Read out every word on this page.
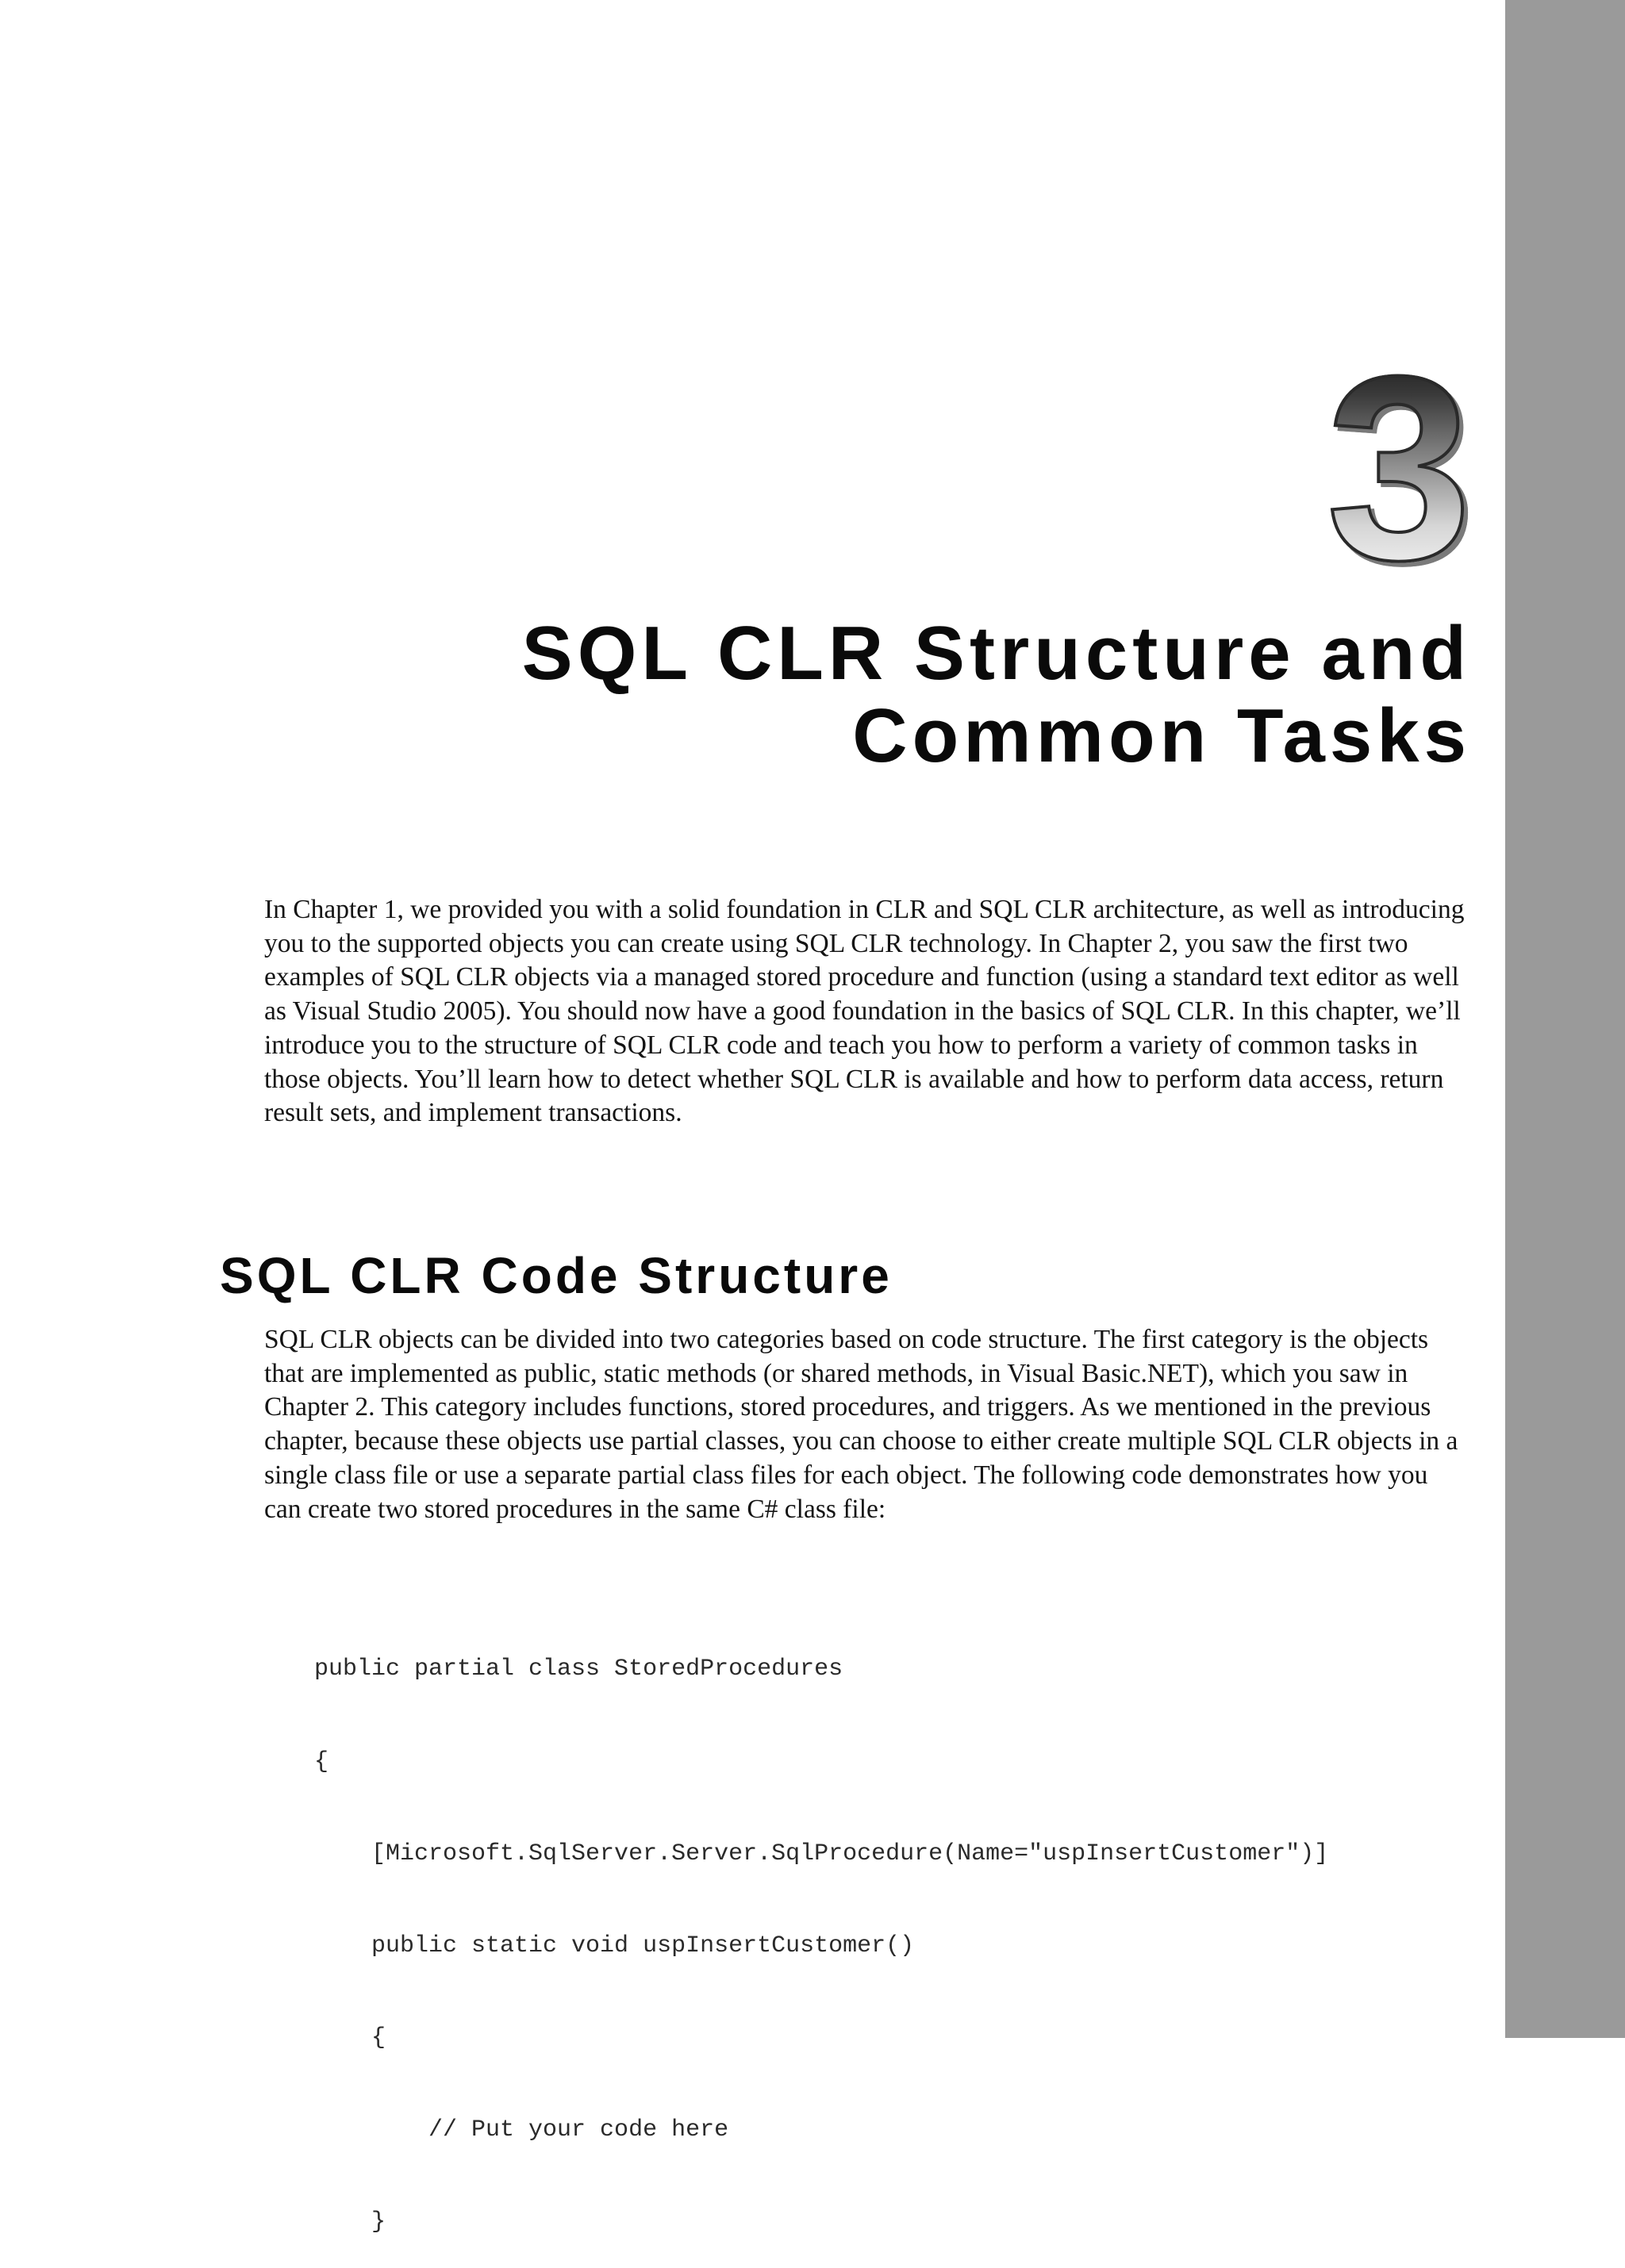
3
SQL CLR Structure and
Common Tasks

In Chapter 1, we provided you with a solid foundation in CLR and SQL CLR architecture, as well as introducing you to the supported objects you can create using SQL CLR technology. In Chapter 2, you saw the first two examples of SQL CLR objects via a managed stored procedure and function (using a standard text editor as well as Visual Studio 2005). You should now have a good foundation in the basics of SQL CLR. In this chapter, we’ll introduce you to the structure of SQL CLR code and teach you how to perform a variety of common tasks in those objects. You’ll learn how to detect whether SQL CLR is available and how to perform data access, return result sets, and implement transactions.

SQL CLR Code Structure

SQL CLR objects can be divided into two categories based on code structure. The first category is the objects that are implemented as public, static methods (or shared methods, in Visual Basic.NET), which you saw in Chapter 2. This category includes functions, stored procedures, and triggers. As we mentioned in the previous chapter, because these objects use partial classes, you can choose to either create multiple SQL CLR objects in a single class file or use a separate partial class files for each object. The following code demonstrates how you can create two stored procedures in the same C# class file:

public partial class StoredProcedures

{

[Microsoft.SqlServer.Server.SqlProcedure(Name="uspInsertCustomer")]

public static void uspInsertCustomer()

{

// Put your code here

}
